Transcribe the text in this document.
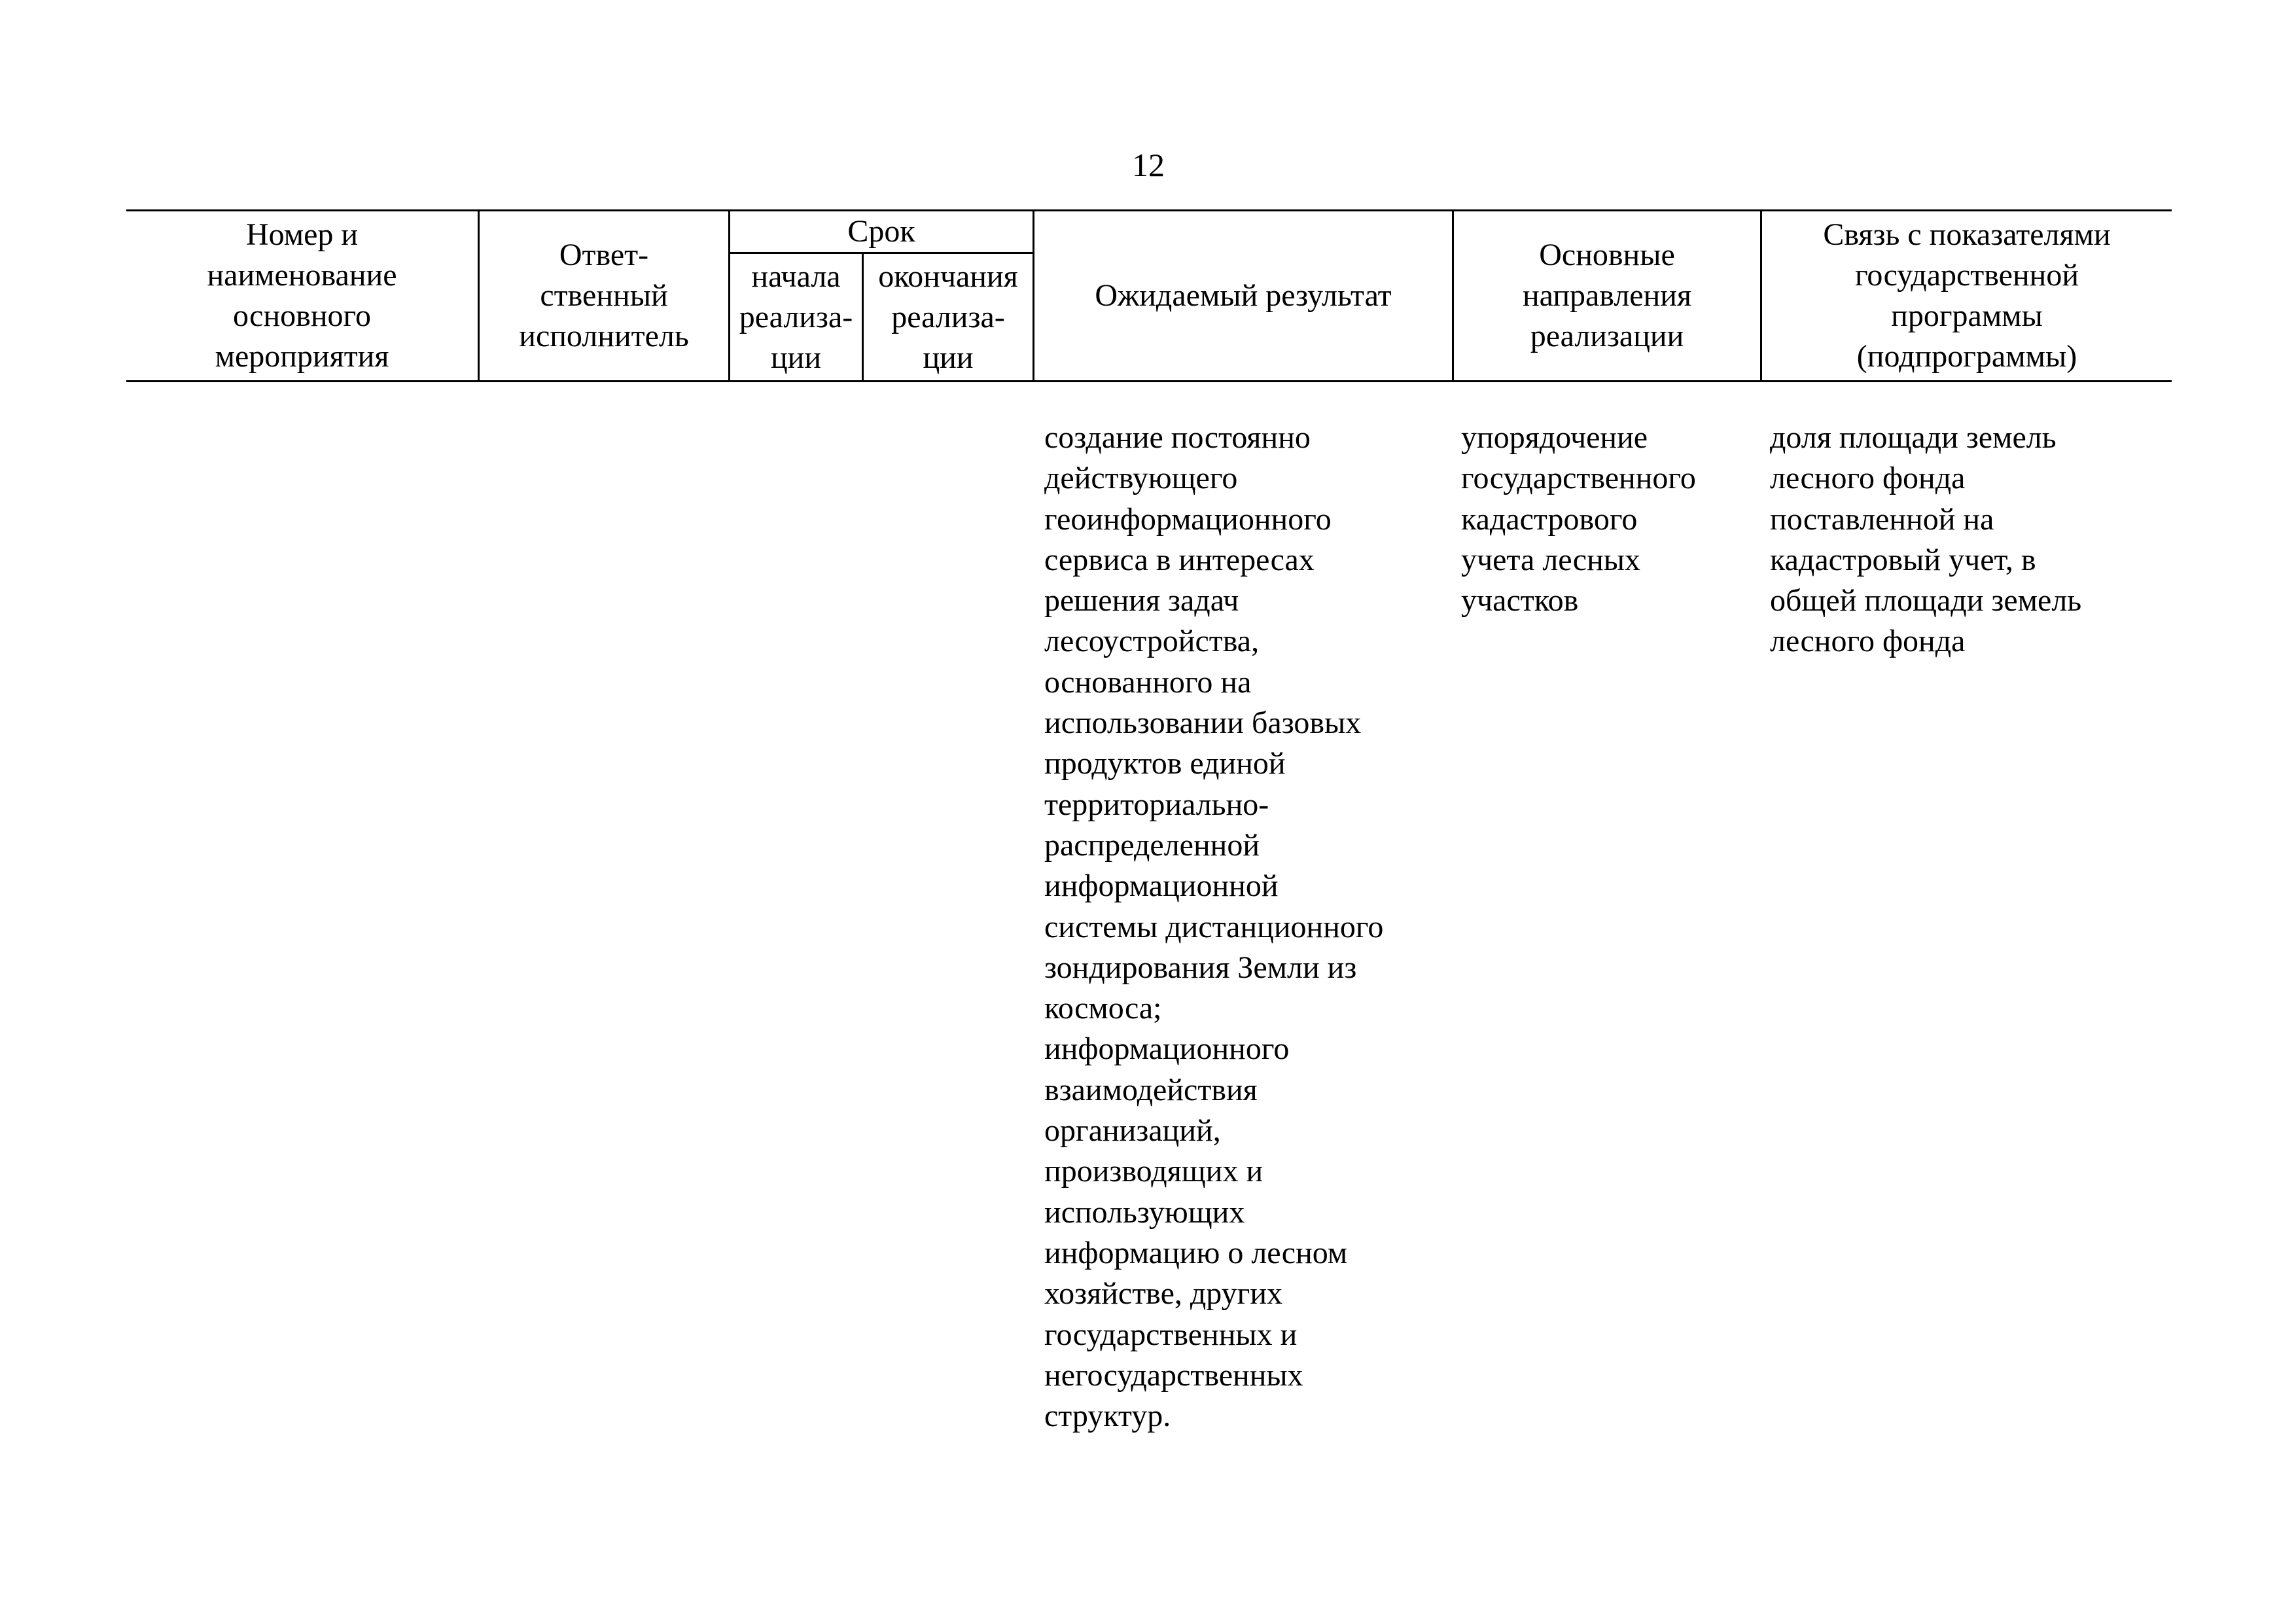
12
Номер и
наименование
основного
мероприятия
Ответ-
ственный
исполнитель
Срок
начала
реализа-
ции
окончания
реализа-
ции
Ожидаемый результат
Основные
направления
реализации
Связь с показателями
государственной
программы
(подпрограммы)
создание постоянно
действующего
геоинформационного
сервиса в интересах
решения задач
лесоустройства,
основанного на
использовании базовых
продуктов единой
территориально-
распределенной
информационной
системы дистанционного
зондирования Земли из
космоса;
информационного
взаимодействия
организаций,
производящих и
использующих
информацию о лесном
хозяйстве, других
государственных и
негосударственных
структур.
упорядочение
государственного
кадастрового
учета лесных
участков
доля площади земель
лесного фонда
поставленной на
кадастровый учет, в
общей площади земель
лесного фонда
